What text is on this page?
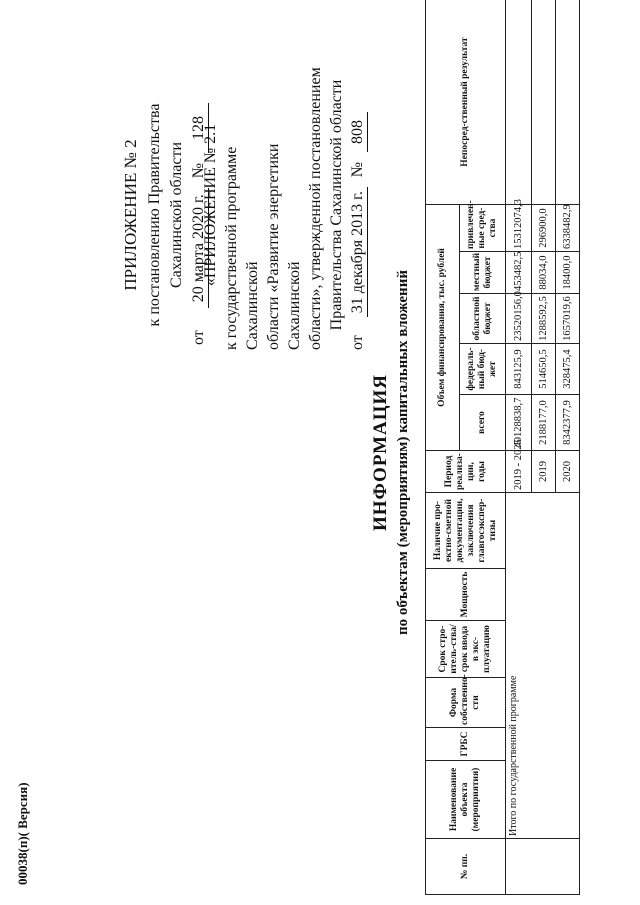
ПРИЛОЖЕНИЕ № 2 к постановлению Правительства Сахалинской области
от 20 марта 2020 г. № 128
«ПРИЛОЖЕНИЕ № 2.1 к государственной программе Сахалинской области «Развитие энергетики Сахалинской области», утвержденной постановлением Правительства Сахалинской области
от 31 декабря 2013 г. № 808
ИНФОРМАЦИЯ по объектам (мероприятиям) капитальных вложений
№ пп.	Наименование объекта (мероприятия)	ГРБС	Форма собственно-сти	Срок стро-итель-ства/срок ввода в экс-плуатацию	Мощность	Наличие про-ектно-сметной документации, заключения главгосэкспер-тизы	Период реализа-ции, годы	Объем финансирования, тыс. рублей					Непосред-ственный результат
								всего	федераль-ный бюд-жет	областной бюджет	местный бюджет	привлечен-ные сред-ства	
	Итого по государственной программе						2019 - 2025	40128838,7	843125,9	23520156,0	453482,5	15312074,3	
							2019	2188177,0	514650,5	1288592,5	88034,0	296900,0	
							2020	8342377,9	328475,4	1657019,6	18400,0	6338482,9	
00038(п)( Версия)
